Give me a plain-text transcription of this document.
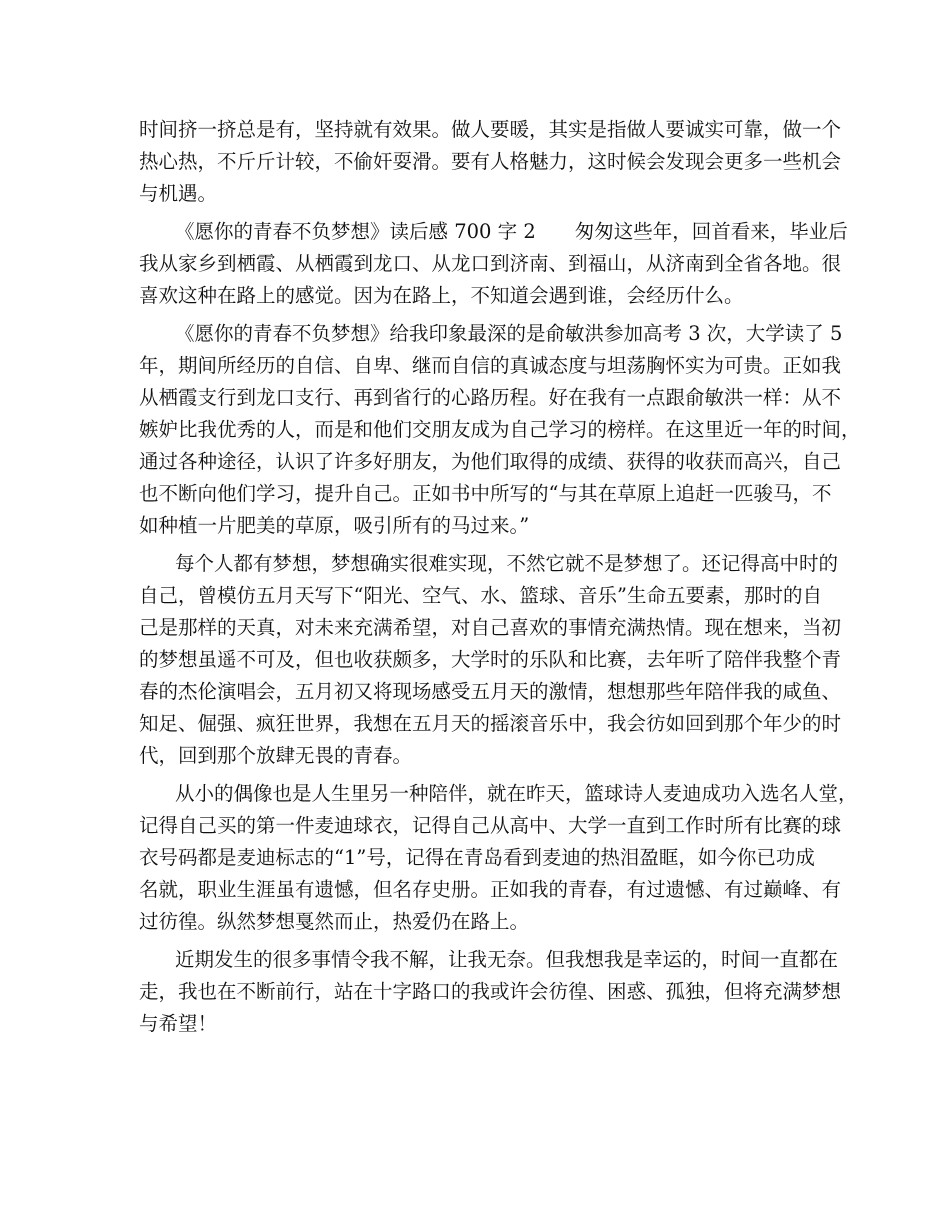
时间挤一挤总是有，坚持就有效果。做人要暖，其实是指做人要诚实可靠，做一个
热心热，不斤斤计较，不偷奸耍滑。要有人格魅力，这时候会发现会更多一些机会
与机遇。

《愿你的青春不负梦想》读后感 700 字 2　　匆匆这些年，回首看来，毕业后
我从家乡到栖霞、从栖霞到龙口、从龙口到济南、到福山，从济南到全省各地。很
喜欢这种在路上的感觉。因为在路上，不知道会遇到谁，会经历什么。

《愿你的青春不负梦想》给我印象最深的是俞敏洪参加高考 3 次，大学读了 5
年，期间所经历的自信、自卑、继而自信的真诚态度与坦荡胸怀实为可贵。正如我
从栖霞支行到龙口支行、再到省行的心路历程。好在我有一点跟俞敏洪一样：从不
嫉妒比我优秀的人，而是和他们交朋友成为自己学习的榜样。在这里近一年的时间，
通过各种途径，认识了许多好朋友，为他们取得的成绩、获得的收获而高兴，自己
也不断向他们学习，提升自己。正如书中所写的“与其在草原上追赶一匹骏马，不
如种植一片肥美的草原，吸引所有的马过来。”

每个人都有梦想，梦想确实很难实现，不然它就不是梦想了。还记得高中时的
自己，曾模仿五月天写下“阳光、空气、水、篮球、音乐”生命五要素，那时的自
己是那样的天真，对未来充满希望，对自己喜欢的事情充满热情。现在想来，当初
的梦想虽遥不可及，但也收获颇多，大学时的乐队和比赛，去年听了陪伴我整个青
春的杰伦演唱会，五月初又将现场感受五月天的激情，想想那些年陪伴我的咸鱼、
知足、倔强、疯狂世界，我想在五月天的摇滚音乐中，我会彷如回到那个年少的时
代，回到那个放肆无畏的青春。

从小的偶像也是人生里另一种陪伴，就在昨天，篮球诗人麦迪成功入选名人堂，
记得自己买的第一件麦迪球衣，记得自己从高中、大学一直到工作时所有比赛的球
衣号码都是麦迪标志的“1”号，记得在青岛看到麦迪的热泪盈眶，如今你已功成
名就，职业生涯虽有遗憾，但名存史册。正如我的青春，有过遗憾、有过巅峰、有
过彷徨。纵然梦想戛然而止，热爱仍在路上。

近期发生的很多事情令我不解，让我无奈。但我想我是幸运的，时间一直都在
走，我也在不断前行，站在十字路口的我或许会彷徨、困惑、孤独，但将充满梦想
与希望！
